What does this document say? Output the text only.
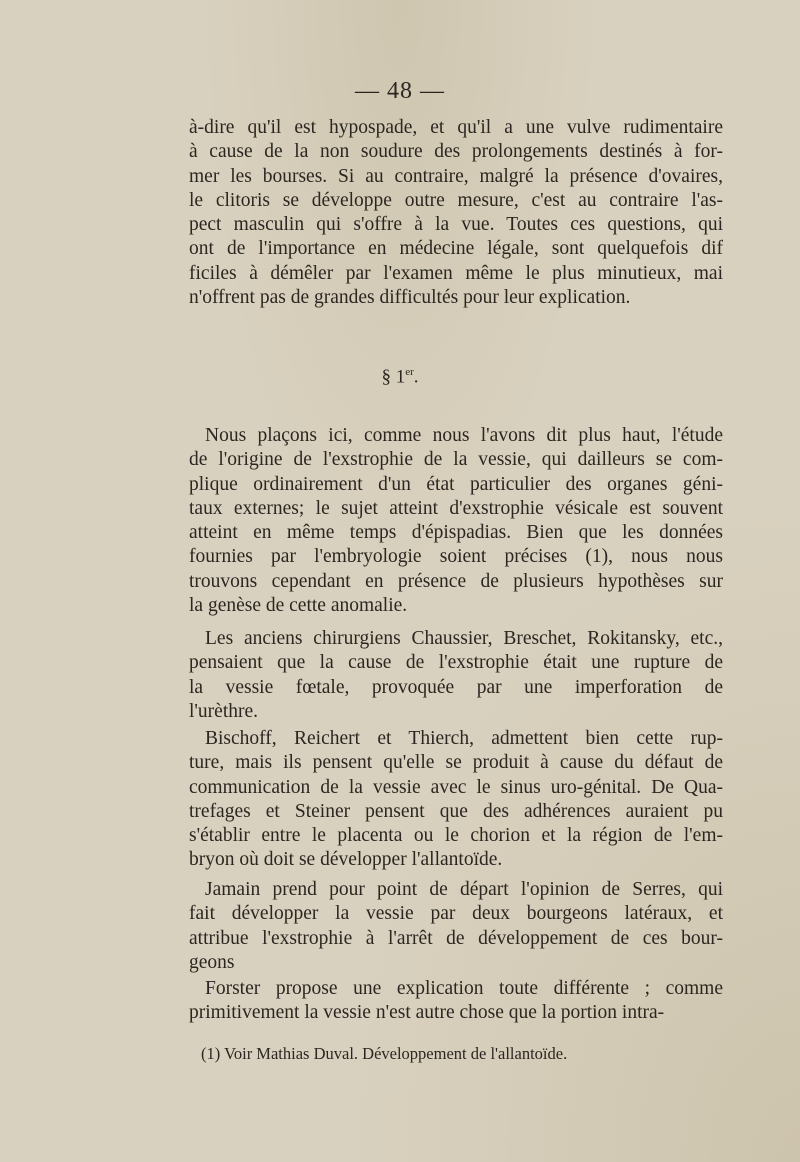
— 48 —

à-dire qu'il est hypospade, et qu'il a une vulve rudimentaire
à cause de la non soudure des prolongements destinés à for-
mer les bourses. Si au contraire, malgré la présence d'ovaires,
le clitoris se développe outre mesure, c'est au contraire l'as-
pect masculin qui s'offre à la vue. Toutes ces questions, qui
ont de l'importance en médecine légale, sont quelquefois dif
ficiles à démêler par l'examen même le plus minutieux, mai
n'offrent pas de grandes difficultés pour leur explication.

§ 1er.

Nous plaçons ici, comme nous l'avons dit plus haut, l'étude
de l'origine de l'exstrophie de la vessie, qui dailleurs se com-
plique ordinairement d'un état particulier des organes géni-
taux externes; le sujet atteint d'exstrophie vésicale est souvent
atteint en même temps d'épispadias. Bien que les données
fournies par l'embryologie soient précises (1), nous nous
trouvons cependant en présence de plusieurs hypothèses sur
la genèse de cette anomalie.

Les anciens chirurgiens Chaussier, Breschet, Rokitansky, etc.,
pensaient que la cause de l'exstrophie était une rupture de
la vessie fœtale, provoquée par une imperforation de
l'urèthre.

Bischoff, Reichert et Thierch, admettent bien cette rup-
ture, mais ils pensent qu'elle se produit à cause du défaut de
communication de la vessie avec le sinus uro-génital. De Qua-
trefages et Steiner pensent que des adhérences auraient pu
s'établir entre le placenta ou le chorion et la région de l'em-
bryon où doit se développer l'allantoïde.

Jamain prend pour point de départ l'opinion de Serres, qui
fait développer la vessie par deux bourgeons latéraux, et
attribue l'exstrophie à l'arrêt de développement de ces bour-
geons

Forster propose une explication toute différente ; comme
primitivement la vessie n'est autre chose que la portion intra-

(1) Voir Mathias Duval. Développement de l'allantoïde.
